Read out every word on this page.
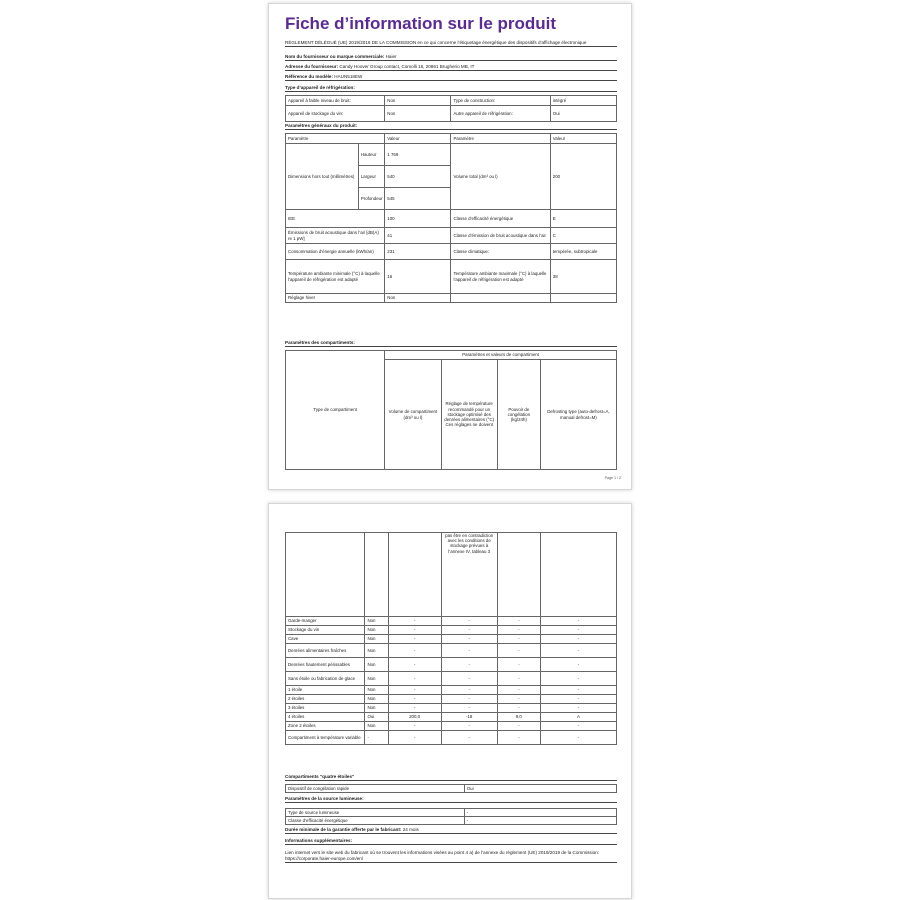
Fiche d’information sur le produit
RÈGLEMENT DÉLÉGUÉ (UE) 2019/2016 DE LA COMMISSION en ce qui concerne l’étiquetage énergétique des dispositifs d’affichage électronique
Nom du fournisseur ou marque commerciale: Haier
Adresse du fournisseur: Candy Hoover Group contact, Comolli 16, 20861 Brugherio MB, IT
Référence du modèle: HAUN518EW
Type d’appareil de réfrigération:
Appareil à faible niveau de bruit:	Non	Type de construction:	intégré
Appareil de stockage du vin:	Non	Autre appareil de réfrigération:	Oui
Paramètres généraux du produit:
Paramètre		Valeur	Paramètre	Valeur
Dimensions hors tout (millimètres)	Hauteur	1 769	Volume total (dm³ ou l)	200
	Largeur	540		
	Profondeur	545		
IEE		100	Classe d’efficacité énergétique	E
Émissions de bruit acoustique dans l’air [dB(A) re 1 pW]		41	Classe d’émission de bruit acoustique dans l’air	C
Consommation d’énergie annuelle (kWh/an)		231	Classe climatique:	tempérée, subtropicale
Température ambiante minimale (°C) à laquelle l’appareil de réfrigération est adapté		16	Température ambiante maximale (°C) à laquelle l’appareil de réfrigération est adapté	38
Réglage hiver		Non		
Paramètres des compartiments:
Type de compartiment	Paramètres et valeurs de compartiment			
	Volume de compartiment (dm³ ou l)	Réglage de température recommandé pour un stockage optimisé des denrées alimentaires (°C) Ces réglages ne doivent	Pouvoir de congélation (kg/24h)	Defrosting type (auto-defrost=A, manual defrost=M)
Page 1 / 2
			pas être en contradiction avec les conditions de stockage prévues à l’annexe IV, tableau 3		
Garde-manger	Non	-	-	-	-
Stockage du vin	Non	-	-	-	-
Cave	Non	-	-	-	-
Denrées alimentaires fraîches	Non	-	-	-	-
Denrées hautement périssables	Non	-	-	-	-
Sans étoile ou fabrication de glace	Non	-	-	-	-
1 étoile	Non	-	-	-	-
2 étoiles	Non	-	-	-	-
3 étoiles	Non	-	-	-	-
4 étoiles	Oui	200,0	-18	9,0	A
Zone 2 étoiles	Non	-	-	-	-
Compartiment à température variable	-	-	-	-	-
Compartiments "quatre étoiles"
Dispositif de congélation rapide	Oui
Paramètres de la source lumineuse:
Type de source lumineuse	-
Classe d’efficacité énergétique	-
Durée minimale de la garantie offerte par le fabricant: 24 mois
Informations supplémentaires:
Lien internet vers le site web du fabricant où se trouvent les informations visées au point 4 a) de l’annexe du règlement (UE) 2019/2019 de la Commission: https://corporate.haier-europe.com/en/
